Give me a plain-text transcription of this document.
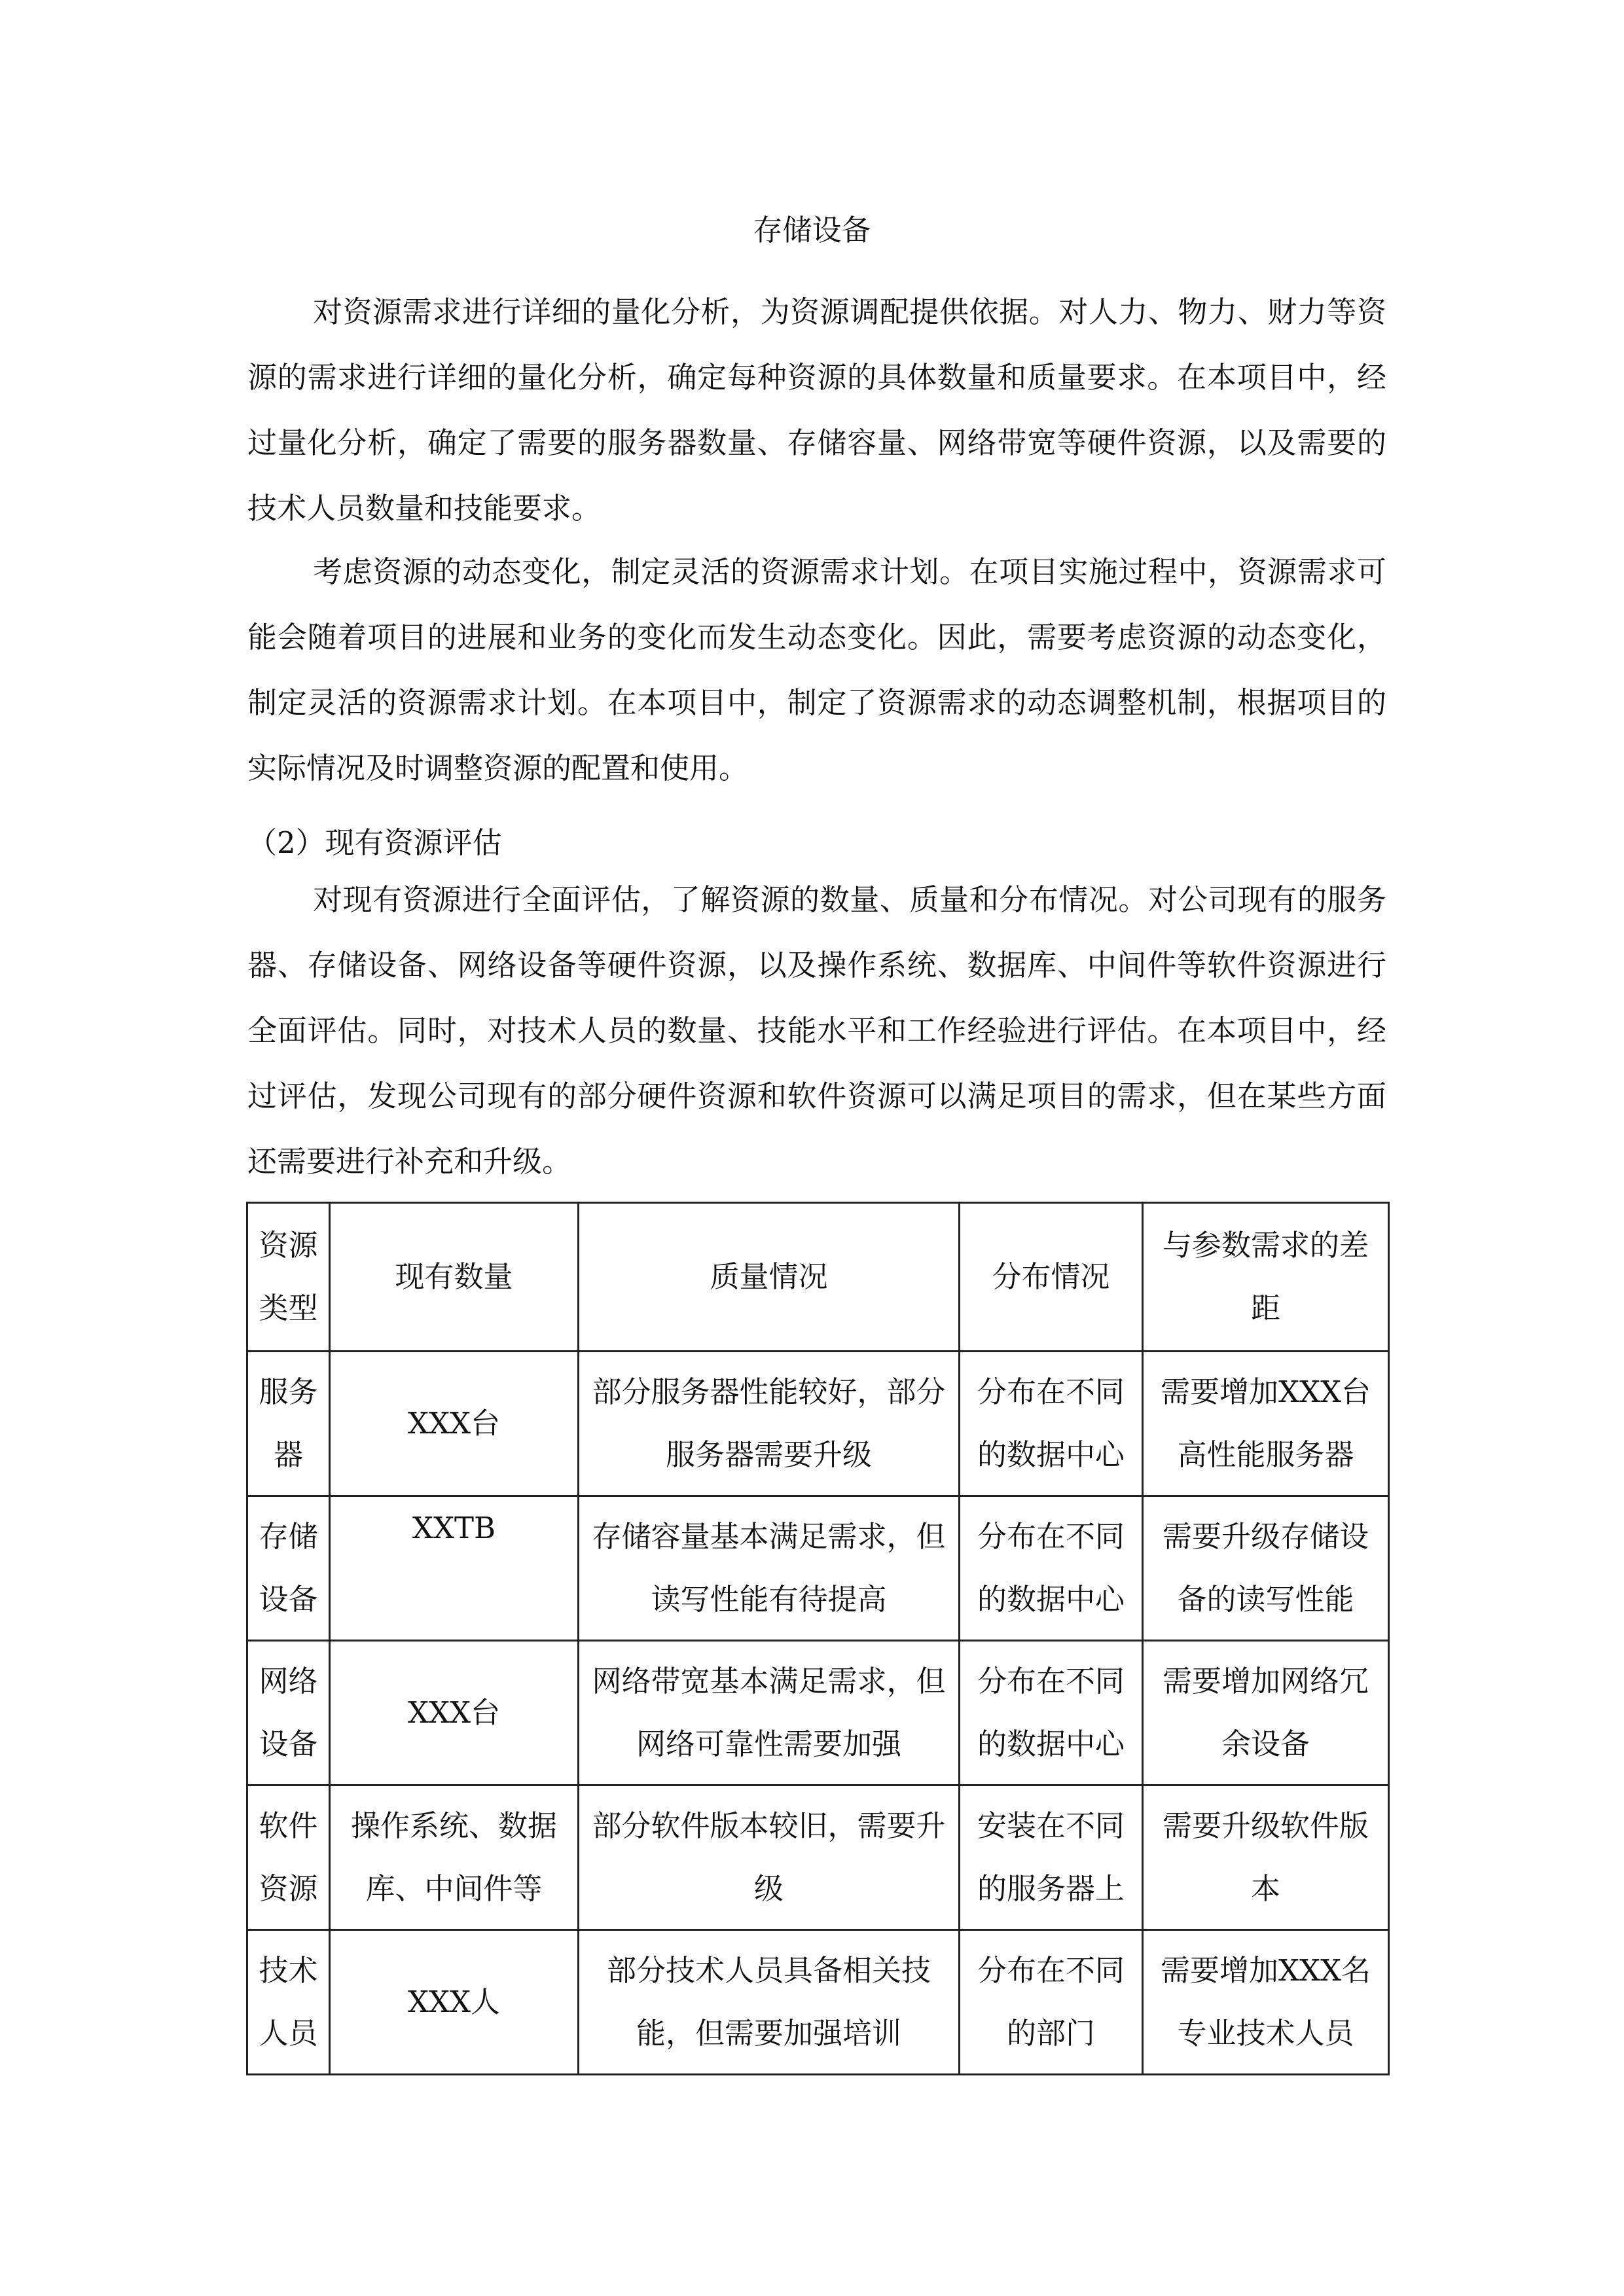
存储设备
对资源需求进行详细的量化分析，为资源调配提供依据。对人力、物力、财力等资源的需求进行详细的量化分析，确定每种资源的具体数量和质量要求。在本项目中，经过量化分析，确定了需要的服务器数量、存储容量、网络带宽等硬件资源，以及需要的技术人员数量和技能要求。
考虑资源的动态变化，制定灵活的资源需求计划。在项目实施过程中，资源需求可能会随着项目的进展和业务的变化而发生动态变化。因此，需要考虑资源的动态变化，制定灵活的资源需求计划。在本项目中，制定了资源需求的动态调整机制，根据项目的实际情况及时调整资源的配置和使用。
（2）现有资源评估
对现有资源进行全面评估，了解资源的数量、质量和分布情况。对公司现有的服务器、存储设备、网络设备等硬件资源，以及操作系统、数据库、中间件等软件资源进行全面评估。同时，对技术人员的数量、技能水平和工作经验进行评估。在本项目中，经过评估，发现公司现有的部分硬件资源和软件资源可以满足项目的需求，但在某些方面还需要进行补充和升级。
资源类型	现有数量	质量情况	分布情况	与参数需求的差距
服务器	XXX台	部分服务器性能较好，部分服务器需要升级	分布在不同的数据中心	需要增加XXX台高性能服务器
存储设备	XXTB	存储容量基本满足需求，但读写性能有待提高	分布在不同的数据中心	需要升级存储设备的读写性能
网络设备	XXX台	网络带宽基本满足需求，但网络可靠性需要加强	分布在不同的数据中心	需要增加网络冗余设备
软件资源	操作系统、数据库、中间件等	部分软件版本较旧，需要升级	安装在不同的服务器上	需要升级软件版本
技术人员	XXX人	部分技术人员具备相关技能，但需要加强培训	分布在不同的部门	需要增加XXX名专业技术人员
